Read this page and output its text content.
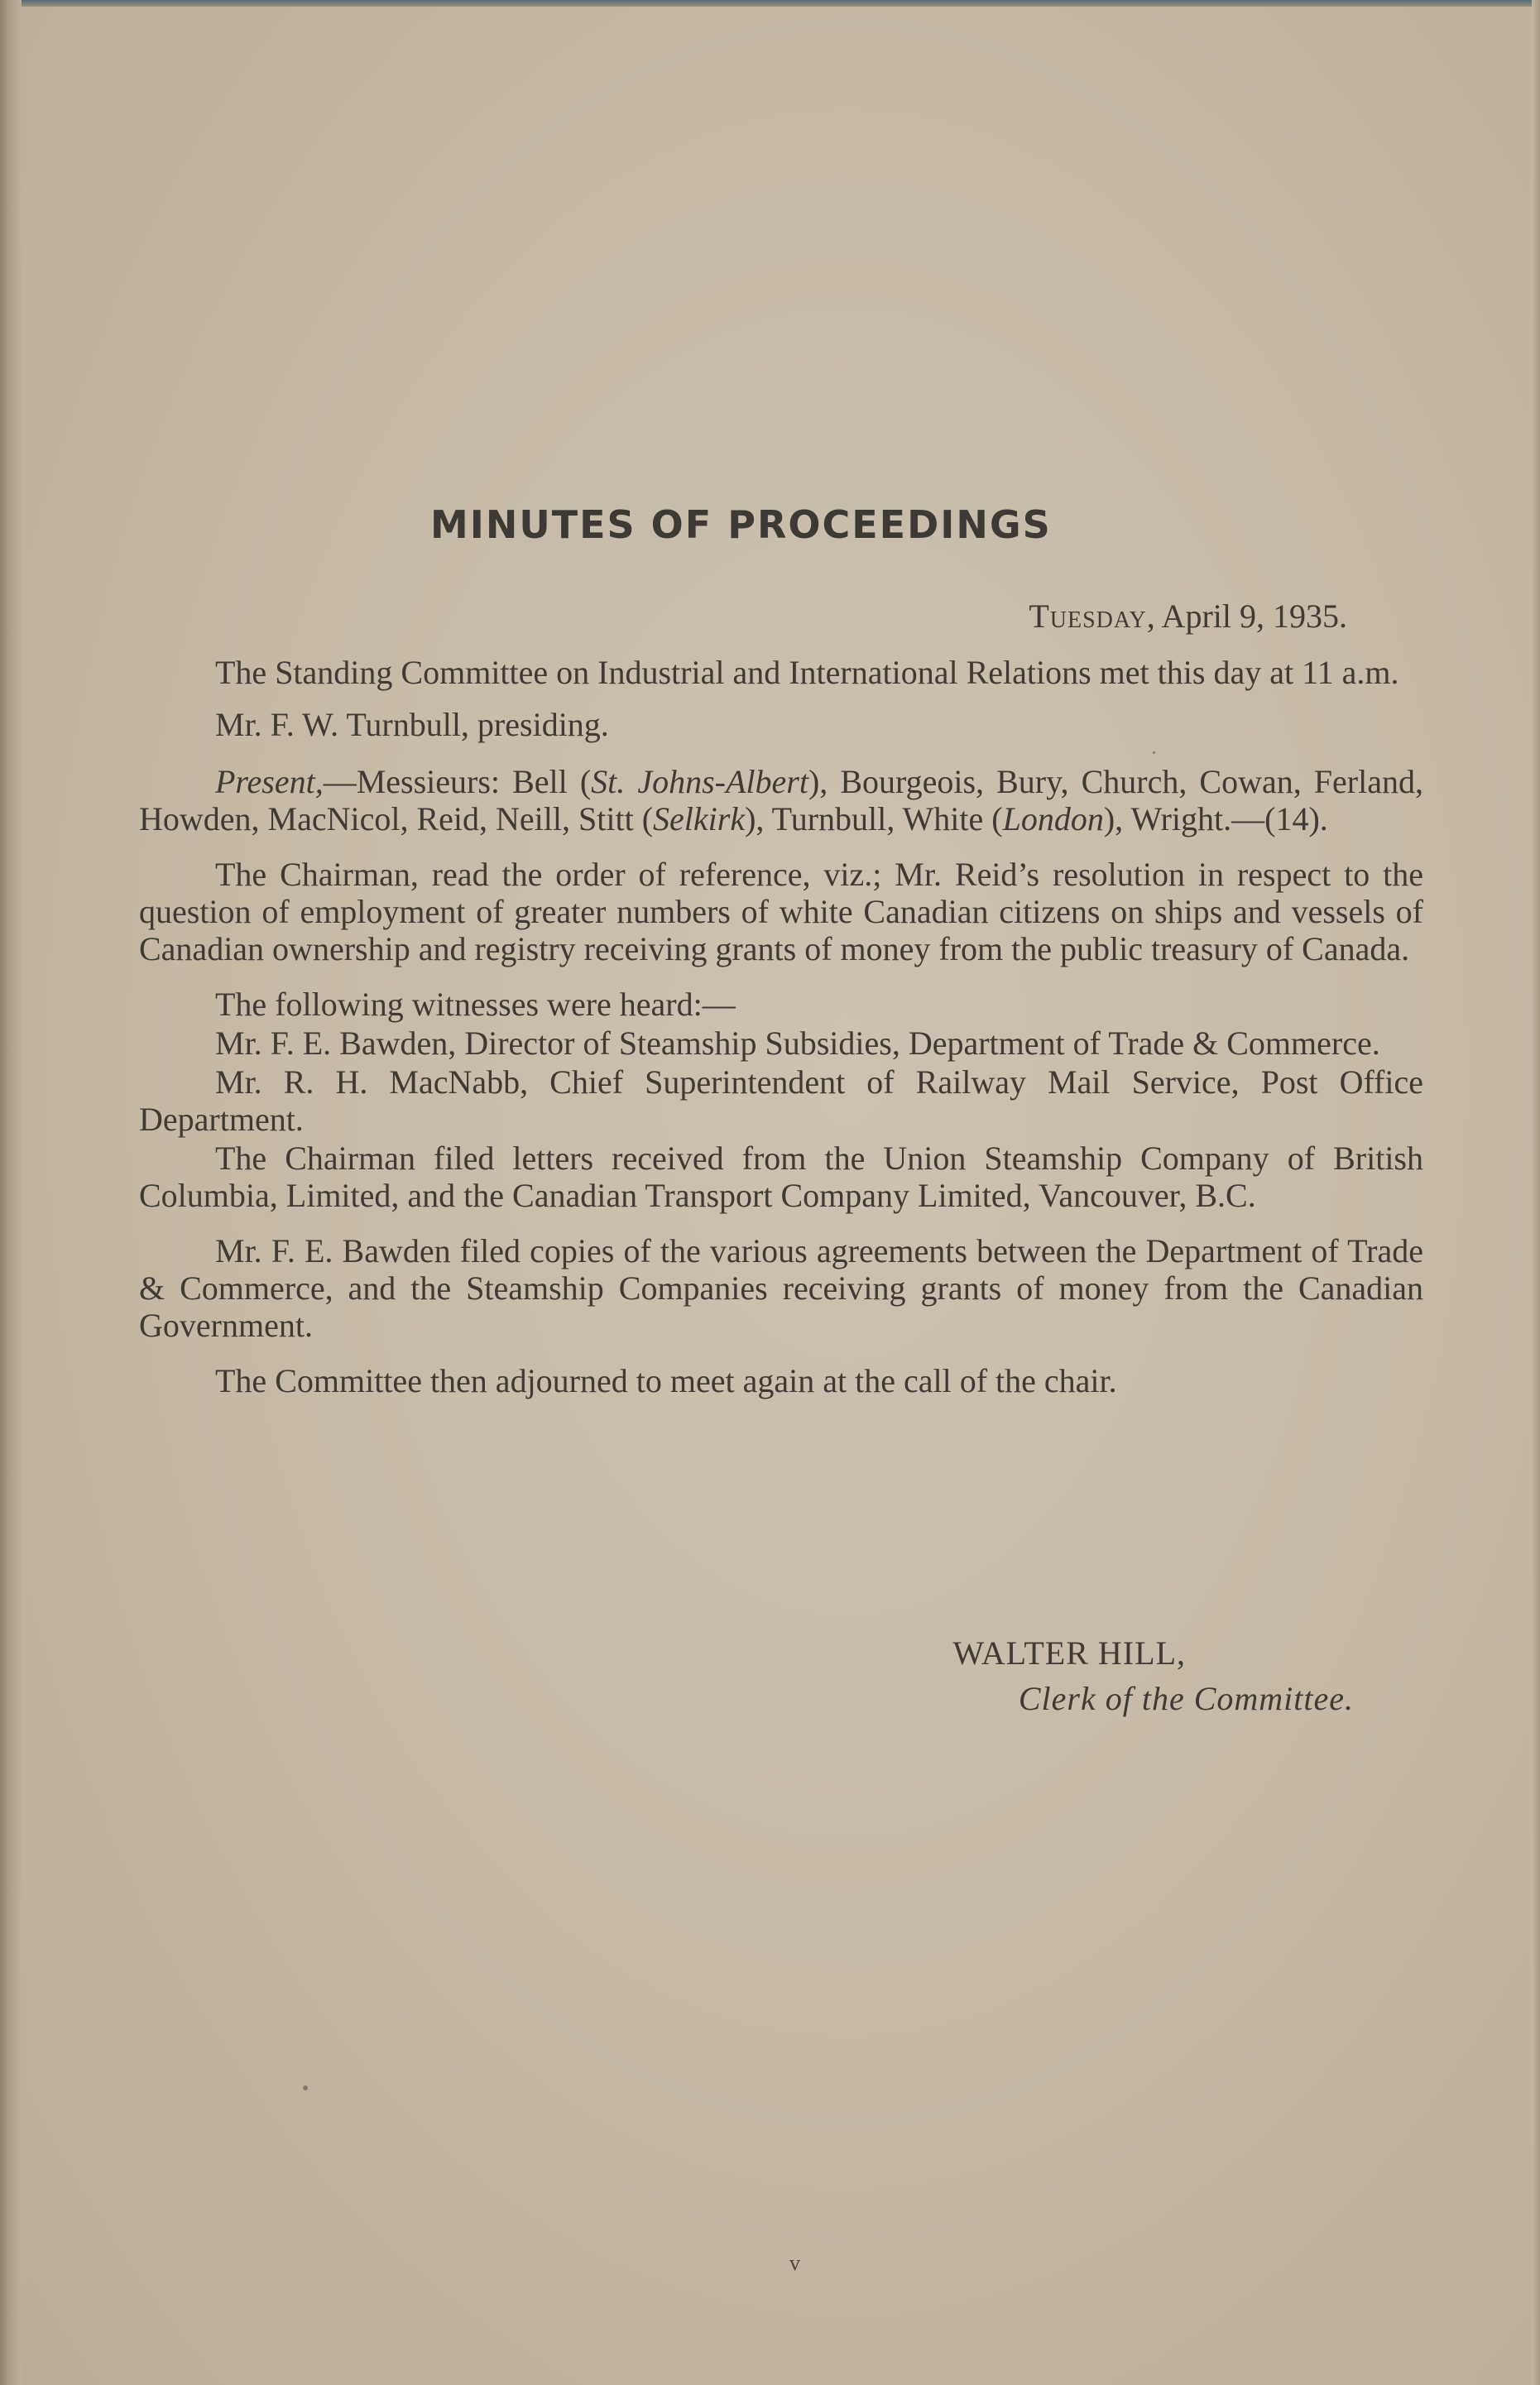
MINUTES OF PROCEEDINGS
Tuesday, April 9, 1935.

The Standing Committee on Industrial and International Relations met this day at 11 a.m.

Mr. F. W. Turnbull, presiding.

Present,—Messieurs: Bell (St. Johns-Albert), Bourgeois, Bury, Church, Cowan, Ferland, Howden, MacNicol, Reid, Neill, Stitt (Selkirk), Turnbull, White (London), Wright.—(14).

The Chairman, read the order of reference, viz.; Mr. Reid’s resolution in respect to the question of employment of greater numbers of white Canadian citizens on ships and vessels of Canadian ownership and registry receiving grants of money from the public treasury of Canada.

The following witnesses were heard:—

Mr. F. E. Bawden, Director of Steamship Subsidies, Department of Trade & Commerce.

Mr. R. H. MacNabb, Chief Superintendent of Railway Mail Service, Post Office Department.

The Chairman filed letters received from the Union Steamship Company of British Columbia, Limited, and the Canadian Transport Company Limited, Vancouver, B.C.

Mr. F. E. Bawden filed copies of the various agreements between the Department of Trade & Commerce, and the Steamship Companies receiving grants of money from the Canadian Government.

The Committee then adjourned to meet again at the call of the chair.

WALTER HILL,
Clerk of the Committee.
v
